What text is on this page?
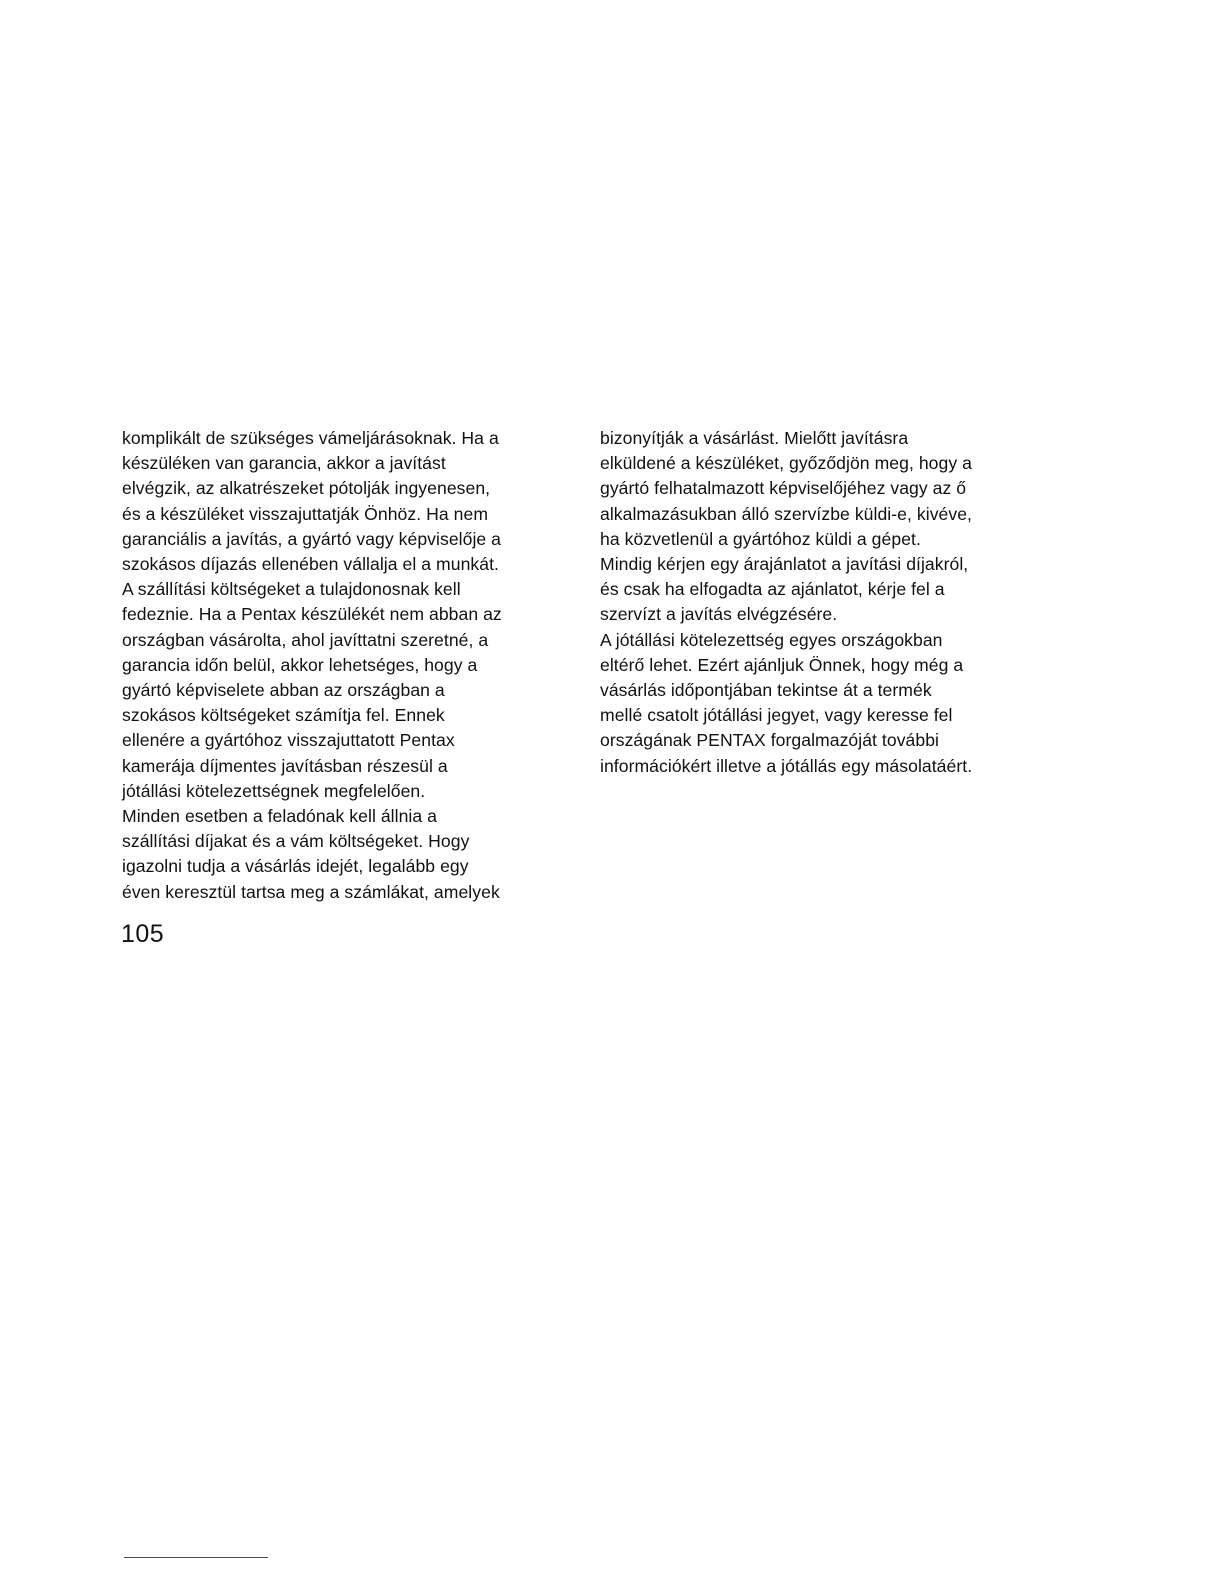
komplikált de szükséges vámeljárásoknak. Ha a
készüléken van garancia, akkor a javítást
elvégzik, az alkatrészeket pótolják ingyenesen,
és a készüléket visszajuttatják Önhöz. Ha nem
garanciális a javítás, a gyártó vagy képviselője a
szokásos díjazás ellenében vállalja el a munkát.
A szállítási költségeket a tulajdonosnak kell
fedeznie. Ha a Pentax készülékét nem abban az
országban vásárolta, ahol javíttatni szeretné, a
garancia időn belül, akkor lehetséges, hogy a
gyártó képviselete abban az országban a
szokásos költségeket számítja fel. Ennek
ellenére a gyártóhoz visszajuttatott Pentax
kamerája díjmentes javításban részesül a
jótállási kötelezettségnek megfelelően.
Minden esetben a feladónak kell állnia a
szállítási díjakat és a vám költségeket. Hogy
igazolni tudja a vásárlás idejét, legalább egy
éven keresztül tartsa meg a számlákat, amelyek
bizonyítják a vásárlást. Mielőtt javításra
elküldené a készüléket, győződjön meg, hogy a
gyártó felhatalmazott képviselőjéhez vagy az ő
alkalmazásukban álló szervízbe küldi-e, kivéve,
ha közvetlenül a gyártóhoz küldi a gépet.
Mindig kérjen egy árajánlatot a javítási díjakról,
és csak ha elfogadta az ajánlatot, kérje fel a
szervízt a javítás elvégzésére.
A jótállási kötelezettség egyes országokban
eltérő lehet. Ezért ajánljuk Önnek, hogy még a
vásárlás időpontjában tekintse át a termék
mellé csatolt jótállási jegyet, vagy keresse fel
országának PENTAX forgalmazóját további
információkért illetve a jótállás egy másolatáért.
105
